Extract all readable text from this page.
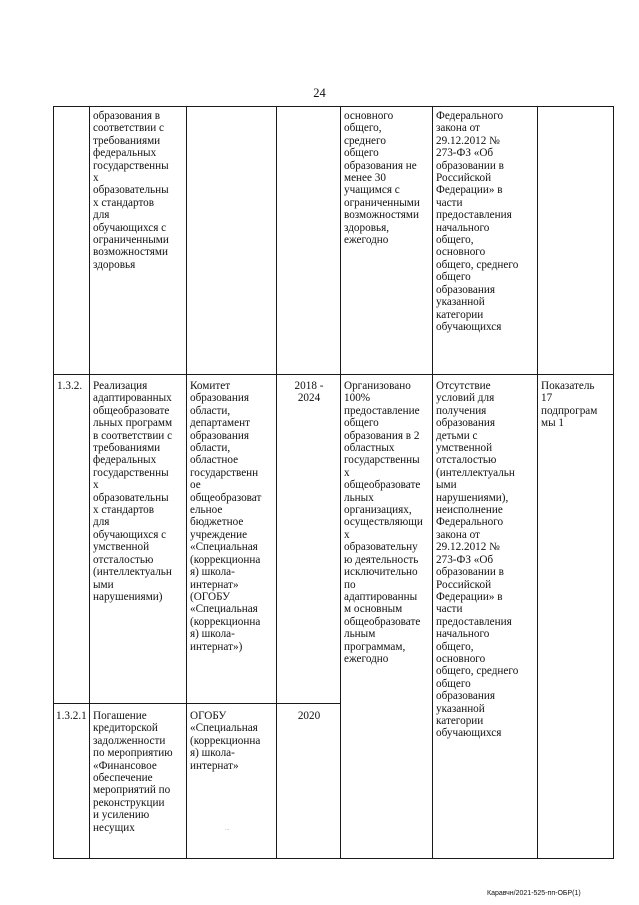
24
образования в
соответствии с
требованиями
федеральных
государственны
х
образовательны
х стандартов
для
обучающихся с
ограниченными
возможностями
здоровья
основного
общего,
среднего
общего
образования не
менее 30
учащимся с
ограниченными
возможностями
здоровья,
ежегодно
Федерального
закона от
29.12.2012 №
273-ФЗ «Об
образовании в
Российской
Федерации» в
части
предоставления
начального
общего,
основного
общего, среднего
общего
образования
указанной
категории
обучающихся
1.3.2. Реализация
адаптированных
общеобразовате
льных программ
в соответствии с
требованиями
федеральных
государственны
х
образовательны
х стандартов
для
обучающихся с
умственной
отсталостью
(интеллектуальн
ыми
нарушениями)
Комитет
образования
области,
департамент
образования
области,
областное
государственн
ое
общеобразоват
ельное
бюджетное
учреждение
«Специальная
(коррекционна
я) школа-
интернат»
(ОГОБУ
«Специальная
(коррекционна
я) школа-
интернат»)
2018 -
2024
Организовано
100%
предоставление
общего
образования в 2
областных
государственны
х
общеобразовате
льных
организациях,
осуществляющи
х
образовательну
ю деятельность
исключительно
по
адаптированны
м основным
общеобразовате
льным
программам,
ежегодно
Отсутствие
условий для
получения
образования
детьми с
умственной
отсталостью
(интеллектуальн
ыми
нарушениями),
неисполнение
Федерального
закона от
29.12.2012 №
273-ФЗ «Об
образовании в
Российской
Федерации» в
части
предоставления
начального
общего,
основного
общего, среднего
общего
образования
указанной
категории
обучающихся
Показатель
17
подпрограм
мы 1
1.3.2.1 Погашение
кредиторской
задолженности
по мероприятию
«Финансовое
обеспечение
мероприятий по
реконструкции
и усилению
несущих
ОГОБУ
«Специальная
(коррекционна
я) школа-
интернат»
2020
...
Каравчн/2021-525-пп-ОБР(1)
